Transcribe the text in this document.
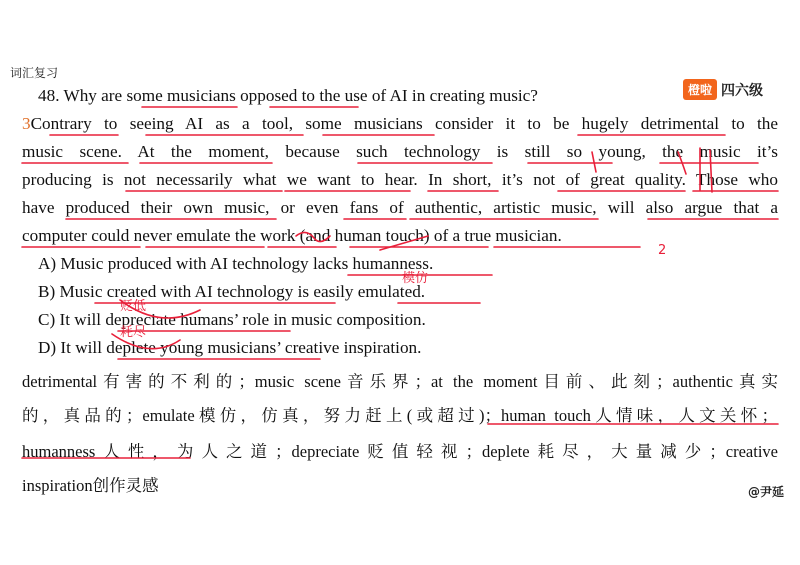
词汇复习
橙啦 四六级
48. Why are some musicians opposed to the use of AI in creating music?
3Contrary to seeing AI as a tool, some musicians consider it to be hugely detrimental to the
music scene. At the moment, because such technology is still so young, the music it’s
producing is not necessarily what we want to hear. In short, it’s not of great quality. Those who
have produced their own music, or even fans of authentic, artistic music, will also argue that a
computer could never emulate the work (and human touch) of a true musician.
A) Music produced with AI technology lacks humanness.
B) Music created with AI technology is easily emulated.
C) It will depreciate humans’ role in music composition.
D) It will deplete young musicians’ creative inspiration.
detrimental有害的不利的；music scene音乐界；at the moment目前、此刻；authentic真实
的，真品的；emulate模仿，仿真，努力赶上(或超过)；human touch人情味，人文关怀；
humanness人性，为人之道；depreciate贬值轻视；deplete耗尽，大量减少；creative
inspiration创作灵感	@尹延
2
模仿
贬低
耗尽
